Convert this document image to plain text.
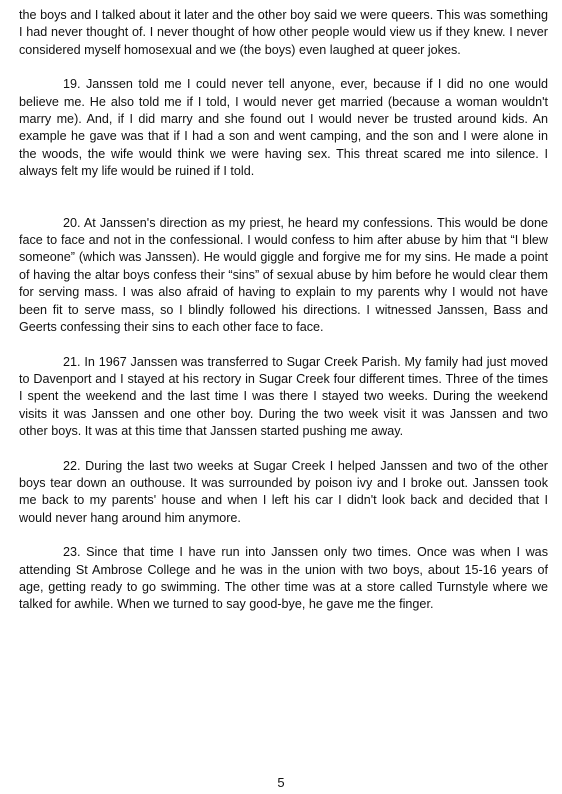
the boys and I talked about it later and the other boy said we were queers. This was something I had never thought of. I never thought of how other people would view us if they knew. I never considered myself homosexual and we (the boys) even laughed at queer jokes.

19. Janssen told me I could never tell anyone, ever, because if I did no one would believe me. He also told me if I told, I would never get married (because a woman wouldn't marry me). And, if I did marry and she found out I would never be trusted around kids. An example he gave was that if I had a son and went camping, and the son and I were alone in the woods, the wife would think we were having sex. This threat scared me into silence. I always felt my life would be ruined if I told.

20. At Janssen's direction as my priest, he heard my confessions. This would be done face to face and not in the confessional. I would confess to him after abuse by him that “I blew someone” (which was Janssen). He would giggle and forgive me for my sins. He made a point of having the altar boys confess their “sins” of sexual abuse by him before he would clear them for serving mass. I was also afraid of having to explain to my parents why I would not have been fit to serve mass, so I blindly followed his directions. I witnessed Janssen, Bass and Geerts confessing their sins to each other face to face.

21. In 1967 Janssen was transferred to Sugar Creek Parish. My family had just moved to Davenport and I stayed at his rectory in Sugar Creek four different times. Three of the times I spent the weekend and the last time I was there I stayed two weeks. During the weekend visits it was Janssen and one other boy. During the two week visit it was Janssen and two other boys. It was at this time that Janssen started pushing me away.

22. During the last two weeks at Sugar Creek I helped Janssen and two of the other boys tear down an outhouse. It was surrounded by poison ivy and I broke out. Janssen took me back to my parents' house and when I left his car I didn't look back and decided that I would never hang around him anymore.

23. Since that time I have run into Janssen only two times. Once was when I was attending St Ambrose College and he was in the union with two boys, about 15-16 years of age, getting ready to go swimming. The other time was at a store called Turnstyle where we talked for awhile. When we turned to say good-bye, he gave me the finger.

5
